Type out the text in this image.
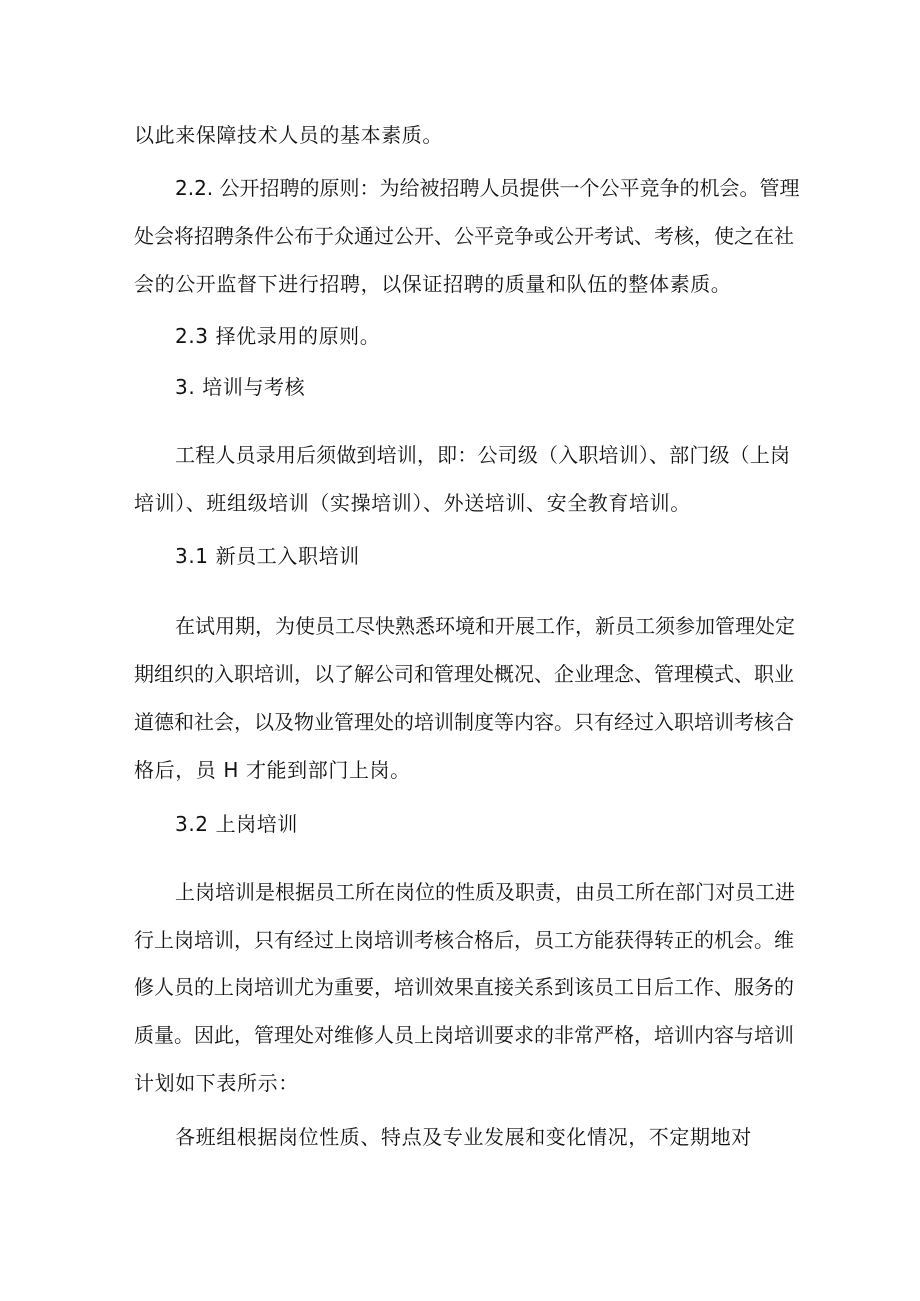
以此来保障技术人员的基本素质。
2.2. 公开招聘的原则：为给被招聘人员提供一个公平竞争的机会。管理
处会将招聘条件公布于众通过公开、公平竞争或公开考试、考核，使之在社
会的公开监督下进行招聘，以保证招聘的质量和队伍的整体素质。
2.3 择优录用的原则。
3. 培训与考核
工程人员录用后须做到培训，即：公司级（入职培训）、部门级（上岗
培训）、班组级培训（实操培训）、外送培训、安全教育培训。
3.1 新员工入职培训
在试用期，为使员工尽快熟悉环境和开展工作，新员工须参加管理处定
期组织的入职培训，以了解公司和管理处概况、企业理念、管理模式、职业
道德和社会，以及物业管理处的培训制度等内容。只有经过入职培训考核合
格后，员 H 才能到部门上岗。
3.2 上岗培训
上岗培训是根据员工所在岗位的性质及职责，由员工所在部门对员工进
行上岗培训，只有经过上岗培训考核合格后，员工方能获得转正的机会。维
修人员的上岗培训尤为重要，培训效果直接关系到该员工日后工作、服务的
质量。因此，管理处对维修人员上岗培训要求的非常严格，培训内容与培训
计划如下表所示：
各班组根据岗位性质、特点及专业发展和变化情况，不定期地对
